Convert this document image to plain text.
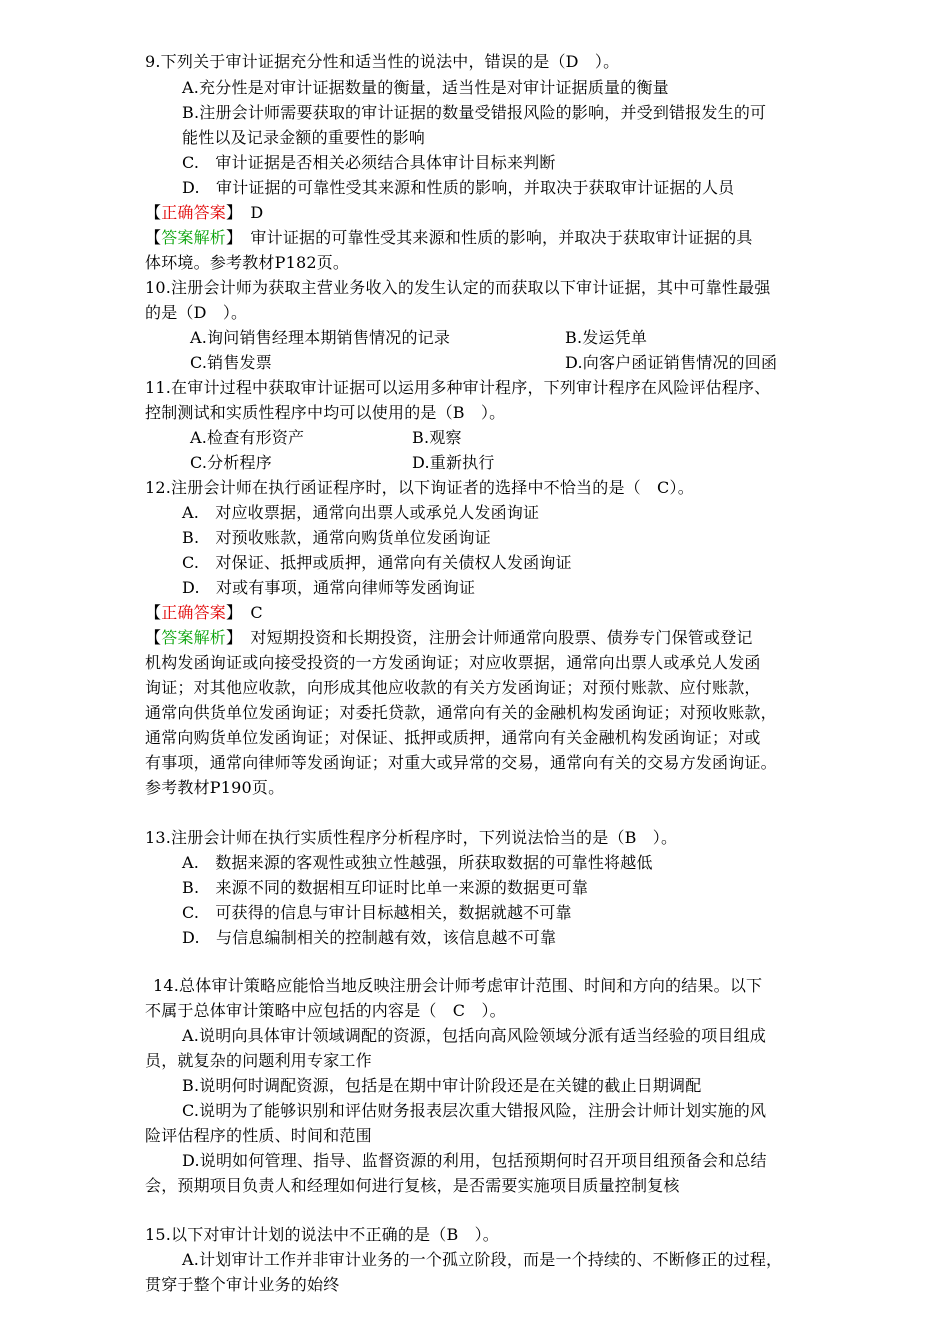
9.下列关于审计证据充分性和适当性的说法中，错误的是（D　）。
A.充分性是对审计证据数量的衡量，适当性是对审计证据质量的衡量
B.注册会计师需要获取的审计证据的数量受错报风险的影响，并受到错报发生的可
能性以及记录金额的重要性的影响
C.　审计证据是否相关必须结合具体审计目标来判断
D.　审计证据的可靠性受其来源和性质的影响，并取决于获取审计证据的人员
【正确答案】　D
【答案解析】　审计证据的可靠性受其来源和性质的影响，并取决于获取审计证据的具
体环境。参考教材P182页。
10.注册会计师为获取主营业务收入的发生认定的而获取以下审计证据，其中可靠性最强
的是（D　）。
A.询问销售经理本期销售情况的记录	B.发运凭单
C.销售发票	D.向客户函证销售情况的回函
11.在审计过程中获取审计证据可以运用多种审计程序，下列审计程序在风险评估程序、
控制测试和实质性程序中均可以使用的是（B　）。
A.检查有形资产	B.观察
C.分析程序	D.重新执行
12.注册会计师在执行函证程序时，以下询证者的选择中不恰当的是（　C）。
A.　对应收票据，通常向出票人或承兑人发函询证
B.　对预收账款，通常向购货单位发函询证
C.　对保证、抵押或质押，通常向有关债权人发函询证
D.　对或有事项，通常向律师等发函询证
【正确答案】　C
【答案解析】　对短期投资和长期投资，注册会计师通常向股票、债券专门保管或登记
机构发函询证或向接受投资的一方发函询证；对应收票据，通常向出票人或承兑人发函
询证；对其他应收款，向形成其他应收款的有关方发函询证；对预付账款、应付账款，
通常向供货单位发函询证；对委托贷款，通常向有关的金融机构发函询证；对预收账款，
通常向购货单位发函询证；对保证、抵押或质押，通常向有关金融机构发函询证；对或
有事项，通常向律师等发函询证；对重大或异常的交易，通常向有关的交易方发函询证。
参考教材P190页。
13.注册会计师在执行实质性程序分析程序时，下列说法恰当的是（B　）。
A.　数据来源的客观性或独立性越强，所获取数据的可靠性将越低
B.　来源不同的数据相互印证时比单一来源的数据更可靠
C.　可获得的信息与审计目标越相关，数据就越不可靠
D.　与信息编制相关的控制越有效，该信息越不可靠
14.总体审计策略应能恰当地反映注册会计师考虑审计范围、时间和方向的结果。以下
不属于总体审计策略中应包括的内容是（　C　）。
A.说明向具体审计领域调配的资源，包括向高风险领域分派有适当经验的项目组成
员，就复杂的问题利用专家工作
B.说明何时调配资源，包括是在期中审计阶段还是在关键的截止日期调配
C.说明为了能够识别和评估财务报表层次重大错报风险，注册会计师计划实施的风
险评估程序的性质、时间和范围
D.说明如何管理、指导、监督资源的利用，包括预期何时召开项目组预备会和总结
会，预期项目负责人和经理如何进行复核，是否需要实施项目质量控制复核
15.以下对审计计划的说法中不正确的是（B　）。
A.计划审计工作并非审计业务的一个孤立阶段，而是一个持续的、不断修正的过程，
贯穿于整个审计业务的始终
